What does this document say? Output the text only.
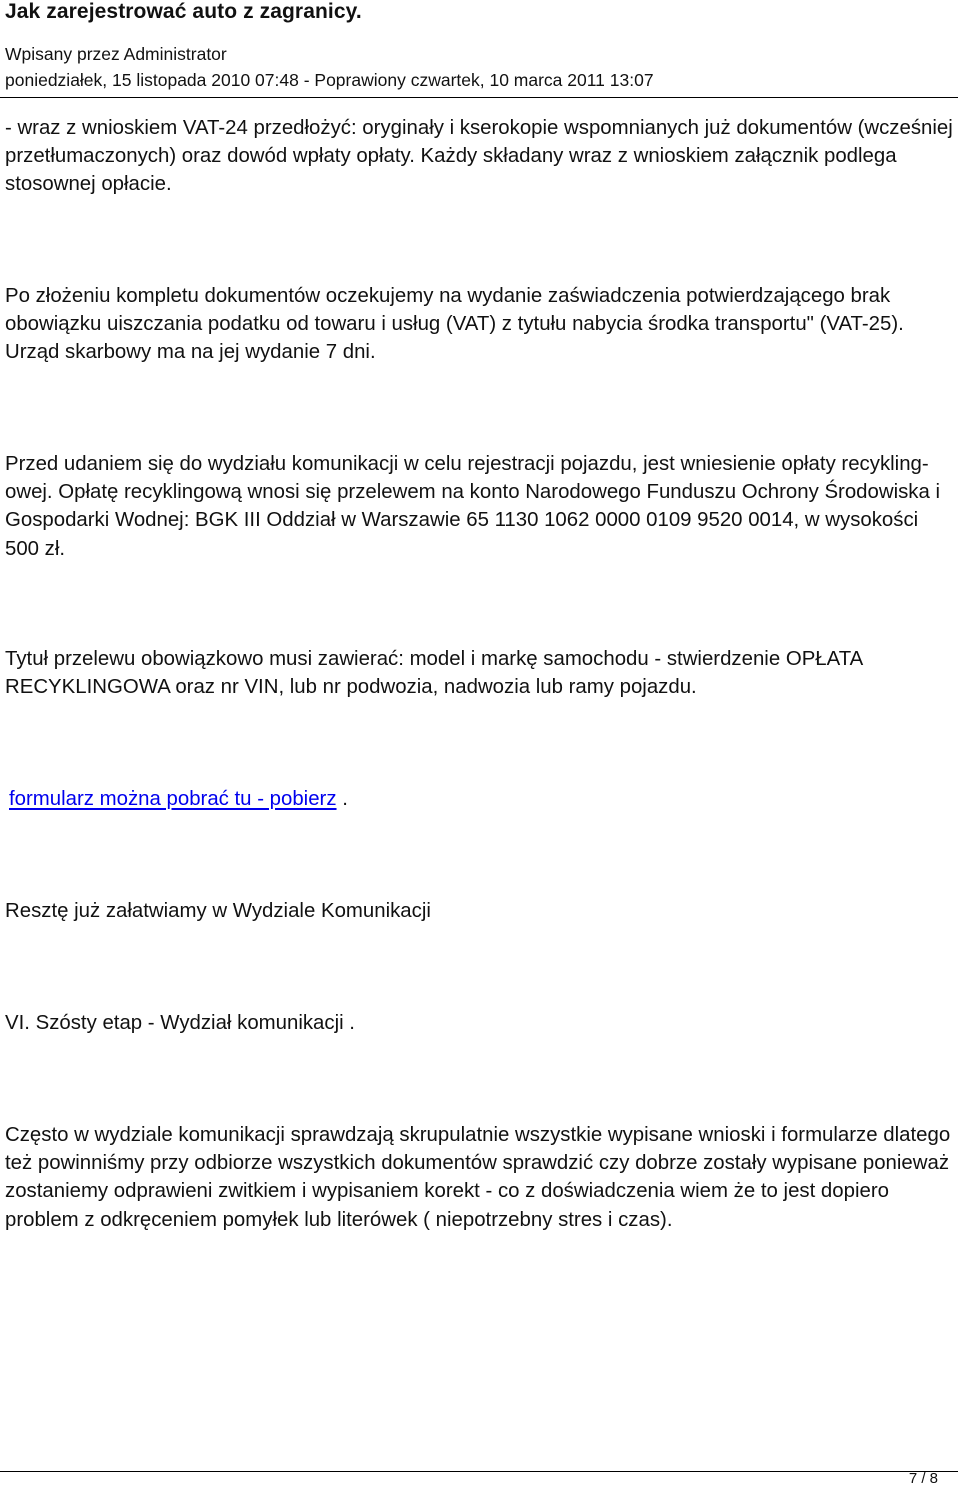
Jak zarejestrować auto z zagranicy.
Wpisany przez Administrator
poniedziałek, 15 listopada 2010 07:48 - Poprawiony czwartek, 10 marca 2011 13:07

- wraz z wnioskiem VAT-24 przedłożyć: oryginały i kserokopie wspomnianych już dokumentów (wcześniej przetłumaczonych) oraz dowód wpłaty opłaty. Każdy składany wraz z wnioskiem załącznik podlega stosownej opłacie.

Po złożeniu kompletu dokumentów oczekujemy na wydanie zaświadczenia potwierdzającego brak obowiązku uiszczania podatku od towaru i usług (VAT) z tytułu nabycia środka transportu" (VAT-25). Urząd skarbowy ma na jej wydanie 7 dni.

Przed udaniem się do wydziału komunikacji w celu rejestracji pojazdu, jest wniesienie opłaty recykling-owej. Opłatę recyklingową wnosi się przelewem na konto Narodowego Funduszu Ochrony Środowiska i Gospodarki Wodnej: BGK III Oddział w Warszawie 65 1130 1062 0000 0109 9520 0014, w wysokości 500 zł.

Tytuł przelewu obowiązkowo musi zawierać: model i markę samochodu - stwierdzenie OPŁATA RECYKLINGOWA oraz nr VIN, lub nr podwozia, nadwozia lub ramy pojazdu.

formularz można pobrać tu - pobierz .

Resztę już załatwiamy w Wydziale Komunikacji

VI. Szósty etap - Wydział komunikacji .

Często w wydziale komunikacji sprawdzają skrupulatnie wszystkie wypisane wnioski i formularze dlatego też powinniśmy przy odbiorze wszystkich dokumentów sprawdzić czy dobrze zostały wypisane ponieważ zostaniemy odprawieni zwitkiem i wypisaniem korekt - co z doświadczenia wiem że to jest dopiero problem z odkręceniem pomyłek lub literówek ( niepotrzebny stres i czas).

7 / 8
